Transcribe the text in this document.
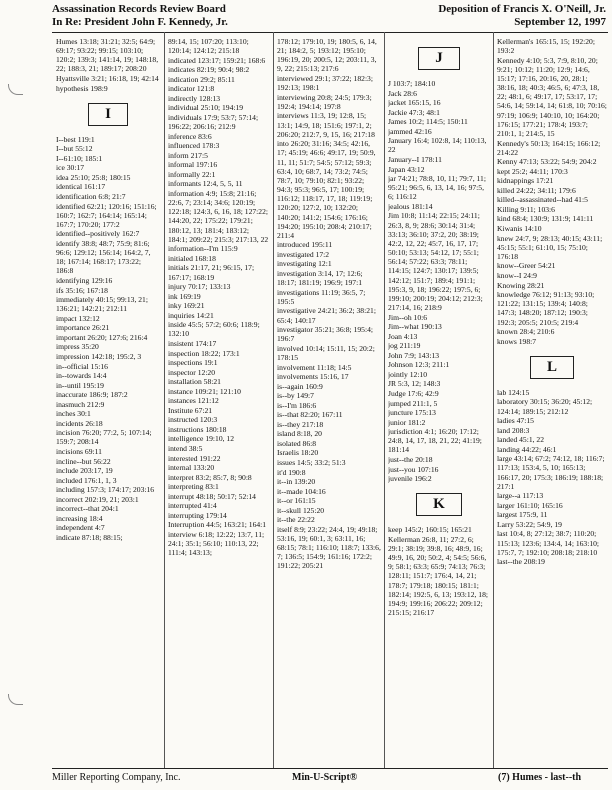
Assassination Records Review Board
In Re: President John F. Kennedy, Jr.
Deposition of Francis X. O'Neill, Jr.
September 12, 1997
Humes 13:18; 31:21; 32:5; 64:9; 69:17; 93:22; 99:15; 103:10; 120:2; 139:3; 141:14, 19; 148:18, 22; 188:3, 21; 189:17; 208:20
Hyattsville 3:21; 16:18, 19; 42:14
hypothesis 198:9
I
I--best 119:1
I--but 55:12
I--61:10; 185:1
ice 30:17
idea 25:10; 25:8; 180:15
identical 161:17
identification 6:8; 21:7
identified 62:21; 120:16; 151:16; 160:7; 162:7; 164:14; 165:14; 167:7; 170:20; 177:2
identified--positively 162:7
identify 38:8; 48:7; 75:9; 81:6; 96:6; 129:12; 156:14; 164:2, 7, 18; 167:14; 168:17; 173:22; 186:8
identifying 129:16
ifs 35:16; 167:18
immediately 40:15; 99:13, 21; 136:21; 142:21; 212:11
impact 132:12
importance 26:21
important 26:20; 127:6; 216:4
impress 35:20
impression 142:18; 195:2, 3
in--official 15:16
in--towards 14:4
in--until 195:19
inaccurate 186:9; 187:2
inasmuch 212:9
inches 30:1
incidents 26:18
incision 76:20; 77:2, 5; 107:14; 159:7; 208:14
incisions 69:11
incline--but 56:22
include 203:17, 19
included 176:1, 1, 3
including 157:3; 174:17; 203:16
incorrect 202:19, 21; 203:1
incorrect--that 204:1
increasing 18:4
independent 4:7
indicate 87:18; 88:15;
89:14, 15; 107:20; 113:10; 120:14; 124:12; 215:18
indicated 123:17; 159:21; 168:6
indicates 82:19; 90:4; 98:2
indication 29:2; 85:11
indicator 121:8
indirectly 128:13
individual 25:10; 194:19
individuals 17:9; 53:7; 57:14; 196:22; 206:16; 212:9
inference 83:6
influenced 178:3
inform 217:5
informal 197:16
informally 22:1
informants 12:4, 5, 5, 11
information 4:9; 15:8; 21:16; 22:6, 7; 23:14; 34:6; 120:19; 122:18; 124:3, 6, 16, 18; 127:22; 144:20, 22; 175:22; 179:21; 180:12, 13; 181:4; 183:12; 184:1; 209:22; 215:3; 217:13, 22
information--I'm 115:9
initialed 168:18
initials 21:17, 21; 96:15, 17; 167:17; 168:19
injury 70:17; 133:13
ink 169:19
inky 169:21
inquiries 14:21
inside 45:5; 57:2; 60:6; 118:9; 132:10
insistent 174:17
inspection 18:22; 173:1
inspections 19:1
inspector 12:20
installation 58:21
instance 109:21; 121:10
instances 121:12
Institute 67:21
instructed 120:3
instructions 180:18
intelligence 19:10, 12
intend 38:5
interested 191:22
internal 133:20
interpret 83:2; 85:7, 8; 90:8
interpreting 83:1
interrupt 48:18; 50:17; 52:14
interrupted 41:4
interrupting 179:14
Interruption 44:5; 163:21; 164:1
interview 6:18; 12:22; 13:7, 11; 24:1; 35:1; 56:10; 110:13, 22; 111:4; 143:13;
178:12; 179:10, 19; 180:5, 6, 14, 21; 184:2, 5; 193:12; 195:10; 196:19, 20; 200:5, 12; 203:11, 3, 9, 22; 215:13; 217:6
interviewed 29:1; 37:22; 182:3; 192:13; 198:1
interviewing 20:8; 24:5; 179:3; 192:4; 194:14; 197:8
interviews 11:3, 19; 12:8, 15; 13:1; 14:9, 18; 151:6; 197:1, 2; 206:20; 212:7, 9, 15, 16; 217:18
into 26:20; 31:16; 34:5; 42:16, 17; 45:19; 46:6; 49:17, 19; 50:9, 11, 11; 51:7; 54:5; 57:12; 59:3; 63:4, 10; 68:7, 14; 73:2; 74:5; 78:7, 10; 79:10; 82:1; 93:22; 94:3; 95:3; 96:5, 17; 100:19; 116:12; 118:17, 17, 18; 119:19; 120:20; 127:2, 10; 132:20; 140:20; 141:2; 154:6; 176:16; 194:20; 195:10; 208:4; 210:17; 211:4
introduced 195:11
investigated 17:2
investigating 12:1
investigation 3:14, 17; 12:6; 18:17; 181:19; 196:9; 197:1
investigations 11:19; 36:5, 7; 195:5
investigative 24:21; 36:2; 38:21; 65:4; 140:17
investigator 35:21; 36:8; 195:4; 196:7
involved 10:14; 15:11, 15; 20:2; 178:15
involvement 11:18; 14:5
involvements 15:16, 17
is--again 160:9
is--by 149:7
is--I'm 186:6
is--that 82:20; 167:11
is--they 217:18
island 8:18, 20
isolated 86:8
Israelis 18:20
issues 14:5; 33:2; 51:3
it'd 190:8
it--in 139:20
it--made 104:16
it--or 161:15
it--skull 125:20
it--the 22:22
itself 8:9; 23:22; 24:4, 19; 49:18; 53:16, 19; 60:1, 3; 63:11, 16; 68:15; 78:1; 116:10; 118:7; 133:6, 7; 136:5; 154:9; 161:16; 172:2; 191:22; 205:21
J
J 103:7; 184:10
Jack 28:6
jacket 165:15, 16
Jackie 47:3; 48:1
James 10:2; 114:5; 150:11
jammed 42:16
January 16:4; 102:8, 14; 110:13, 22
January--I 178:11
Japan 43:12
jar 74:21; 78:8, 10, 11; 79:7, 11; 95:21; 96:5, 6, 13, 14, 16; 97:5, 6; 116:12
jealous 181:14
Jim 10:8; 11:14; 22:15; 24:11; 26:3, 8, 9; 28:6; 30:14; 31:4; 33:13; 36:10; 37:2, 20; 38:19; 42:2, 12, 22; 45:7, 16, 17, 17; 50:10; 53:13; 54:12, 17; 55:1; 56:14; 57:22; 63:3; 78:11; 114:15; 124:7; 130:17; 139:5; 142:12; 151:7; 189:4; 191:1; 195:3, 9, 18; 196:22; 197:5, 6; 199:10; 200:19; 204:12; 212:3; 217:14, 16; 218:9
Jim--oh 10:6
Jim--what 190:13
Joan 4:13
jog 211:19
John 7:9; 143:13
Johnson 12:3; 211:1
jointly 12:10
JR 5:3, 12; 148:3
Judge 17:6; 42:9
jumped 211:1, 5
juncture 175:13
junior 181:2
jurisdiction 4:1; 16:20; 17:12; 24:8, 14, 17, 18, 21, 22; 41:19; 181:14
just--the 20:18
just--you 107:16
juvenile 196:2
K
keep 145:2; 160:15; 165:21
Kellerman 26:8, 11; 27:2, 6; 29:1; 38:19; 39:8, 16; 48:9, 16; 49:9, 16, 20; 50:2, 4; 54:5; 56:6, 9; 58:1; 63:3; 65:9; 74:13; 76:3; 128:11; 151:7; 176:4, 14, 21; 178:7; 179:18; 180:15; 181:1; 182:14; 192:5, 6, 13; 193:12, 18; 194:9; 199:16; 206:22; 209:12; 215:15; 216:17
Kellerman's 165:15, 15; 192:20; 193:2
Kennedy 4:10; 5:3, 7:9, 8:10, 20; 9:21; 10:12; 11:20; 12:9; 14:6, 15:17; 17:16, 20:16, 20, 28:1; 38:16, 18; 40:3; 46:5, 6; 47:3, 18, 22; 48:1, 6; 49:17, 17; 53:17, 17; 54:6, 14; 59:14, 14; 61:8, 10; 70:16; 97:19; 106:9; 140:10, 10; 164:20; 176:15; 177:21; 178:4; 193:7; 210:1, 1; 214:5, 15
Kennedy's 50:13; 164:15; 166:12; 214:22
Kenny 47:13; 53:22; 54:9; 204:2
kept 25:2; 44:11; 170:3
kidnappings 17:21
killed 24:22; 34:11; 179:6
killed--assassinated--had 41:5
Killing 9:11; 103:6
kind 68:4; 130:9; 131:9; 141:11
Kiwanis 14:10
knew 24:7, 9; 28:13; 40:15; 43:11; 45:15; 55:1; 61:10, 15; 75:10; 176:18
know--Greer 54:21
know--I 24:9
Knowing 28:21
knowledge 76:12; 91:13; 93:10; 121:22; 131:15; 139:4; 140:8; 147:3; 148:20; 187:12; 190:3; 192:3; 205:5; 210:5; 219:4
known 28:4; 210:6
knows 198:7
L
lab 124:15
laboratory 30:15; 36:20; 45:12; 124:14; 189:15; 212:12
ladies 47:15
land 208:3
landed 45:1, 22
landing 44:22; 46:1
large 43:14; 67:2; 74:12, 18; 116:7; 117:13; 153:4, 5, 10; 165:13; 166:17, 20; 175:3; 186:19; 188:18; 217:1
large--a 117:13
larger 161:10; 165:16
largest 175:9, 11
Larry 53:22; 54:9, 19
last 10:4, 8; 27:12; 38:7; 110:20; 115:13; 123:6; 134:4, 14; 163:10; 175:7, 7; 192:10; 208:18; 218:10
last--the 208:19
Miller Reporting Company, Inc.	Min-U-Script®	(7) Humes - last--th
